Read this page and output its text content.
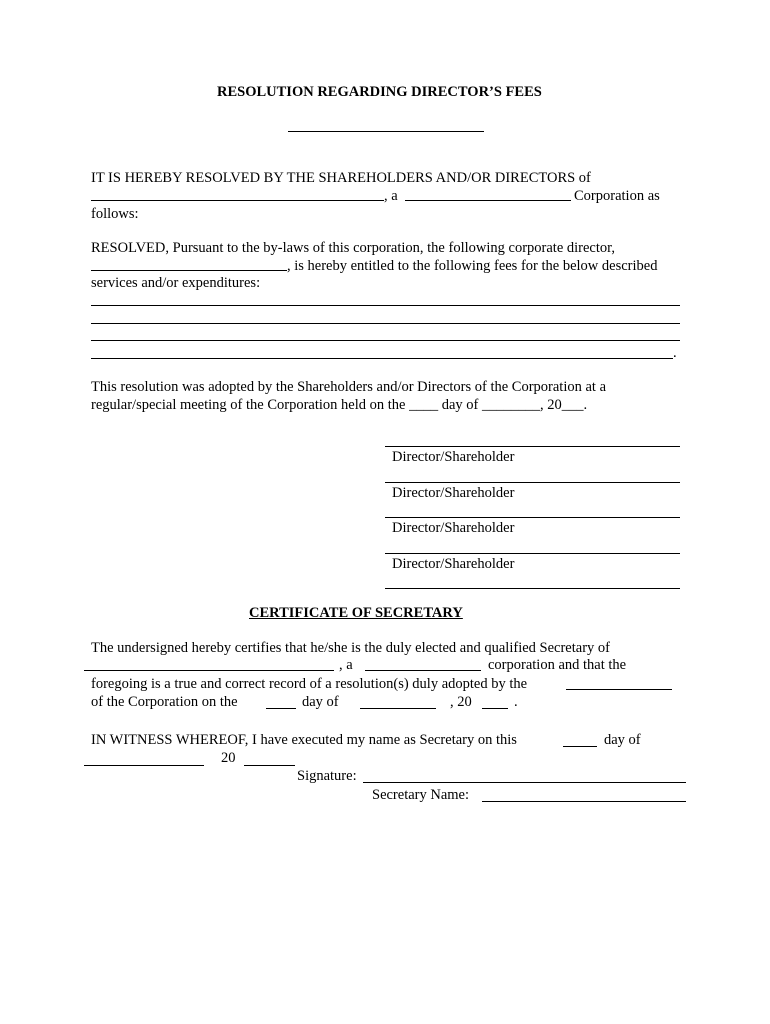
RESOLUTION REGARDING DIRECTOR’S FEES
IT IS HEREBY RESOLVED BY THE SHAREHOLDERS AND/OR DIRECTORS of
, a	Corporation as
follows:
RESOLVED, Pursuant to the by-laws of this corporation, the following corporate director,
, is hereby entitled to the following fees for the below described
services and/or expenditures:
.
This resolution was adopted by the Shareholders and/or Directors of the Corporation at a
regular/special meeting of the Corporation held on the ____ day of ________, 20___.
Director/Shareholder
Director/Shareholder
Director/Shareholder
Director/Shareholder
CERTIFICATE OF SECRETARY
The undersigned hereby certifies that he/she is the duly elected and qualified Secretary of
, a	corporation and that the
foregoing is a true and correct record of a resolution(s) duly adopted by the
of the Corporation on the	day of	, 20	.
IN WITNESS WHEREOF, I have executed my name as Secretary on this	day of
20
Signature:
Secretary Name:
